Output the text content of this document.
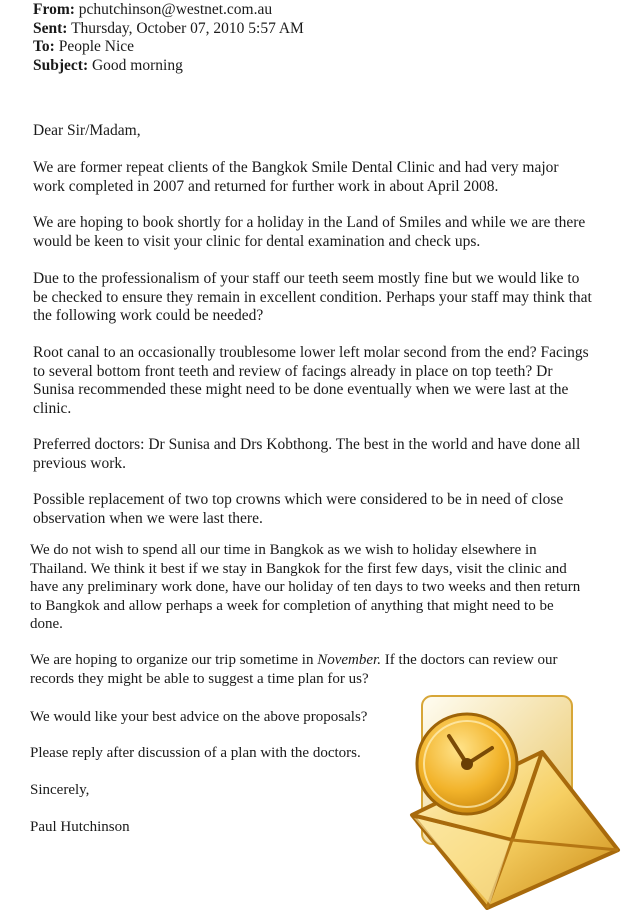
From: pchutchinson@westnet.com.au
Sent: Thursday, October 07, 2010 5:57 AM
To: People Nice
Subject: Good morning

Dear Sir/Madam,

We are former repeat clients of the Bangkok Smile Dental Clinic and had very major work completed in 2007 and returned for further work in about April 2008.

We are hoping to book shortly for a holiday in the Land of Smiles and while we are there would be keen to visit your clinic for dental examination and check ups.

Due to the professionalism of your staff our teeth seem mostly fine but we would like to be checked to ensure they remain in excellent condition. Perhaps your staff may think that the following work could be needed?

Root canal to an occasionally troublesome lower left molar second from the end? Facings to several bottom front teeth and review of facings already in place on top teeth? Dr Sunisa recommended these might need to be done eventually when we were last at the clinic.

Preferred doctors: Dr Sunisa and Drs Kobthong. The best in the world and have done all previous work.

Possible replacement of two top crowns which were considered to be in need of close observation when we were last there.

We do not wish to spend all our time in Bangkok as we wish to holiday elsewhere in Thailand. We think it best if we stay in Bangkok for the first few days, visit the clinic and have any preliminary work done, have our holiday of ten days to two weeks and then return to Bangkok and allow perhaps a week for completion of anything that might need to be done.

We are hoping to organize our trip sometime in November. If the doctors can review our records they might be able to suggest a time plan for us?

We would like your best advice on the above proposals?

Please reply after discussion of a plan with the doctors.

Sincerely,

Paul Hutchinson
